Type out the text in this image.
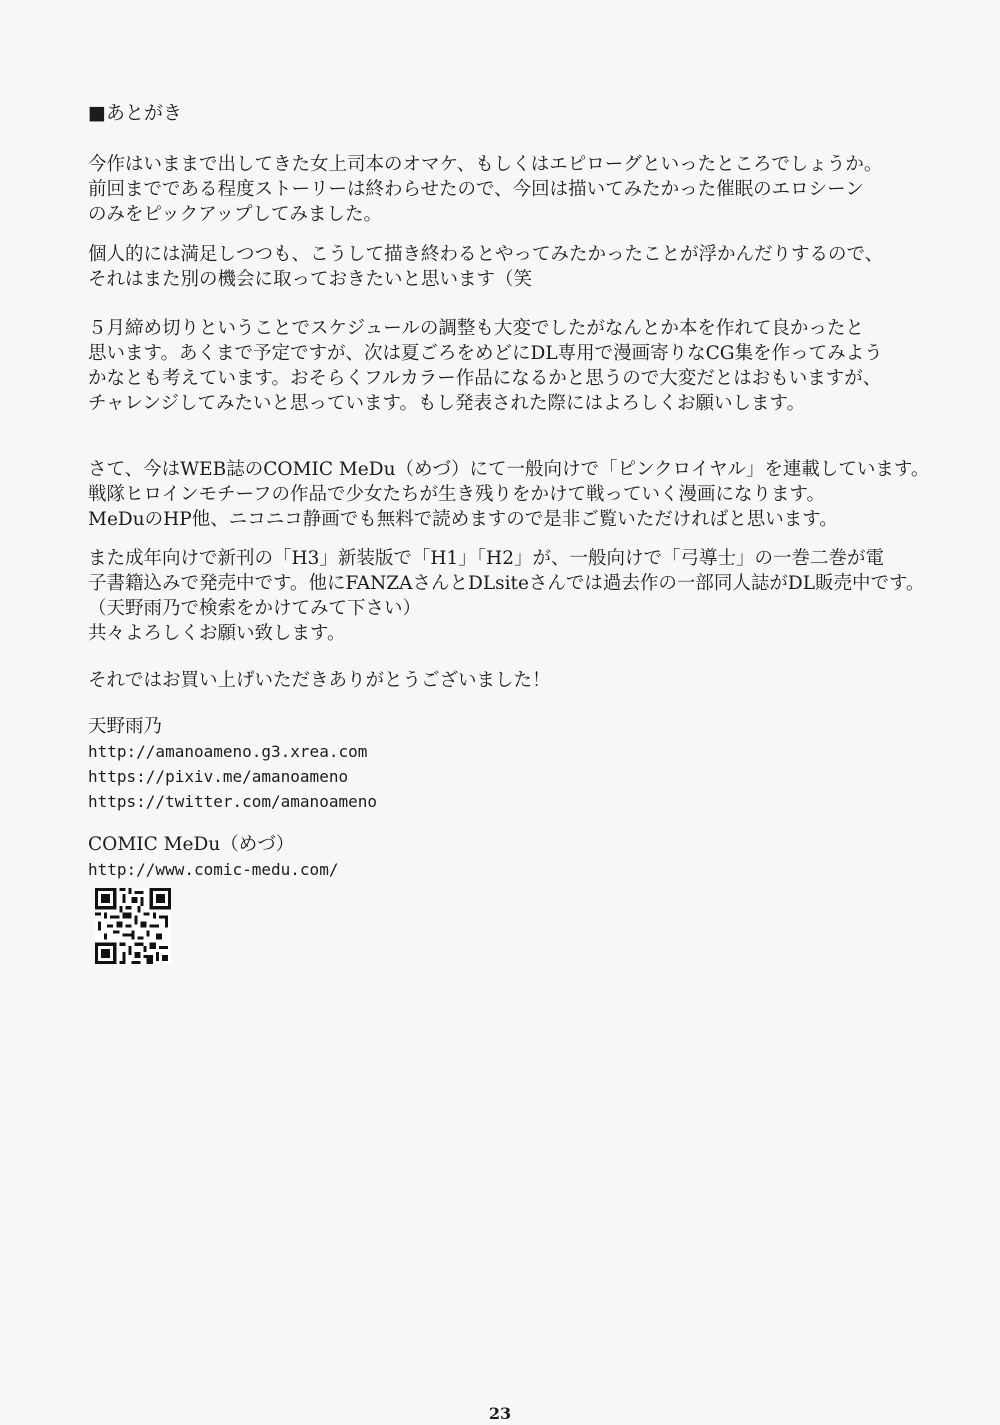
■あとがき
今作はいままで出してきた女上司本のオマケ、もしくはエピローグといったところでしょうか。
前回までである程度ストーリーは終わらせたので、今回は描いてみたかった催眠のエロシーン
のみをピックアップしてみました。
個人的には満足しつつも、こうして描き終わるとやってみたかったことが浮かんだりするので、
それはまた別の機会に取っておきたいと思います（笑
５月締め切りということでスケジュールの調整も大変でしたがなんとか本を作れて良かったと
思います。あくまで予定ですが、次は夏ごろをめどにDL専用で漫画寄りなCG集を作ってみよう
かなとも考えています。おそらくフルカラー作品になるかと思うので大変だとはおもいますが、
チャレンジしてみたいと思っています。もし発表された際にはよろしくお願いします。
さて、今はWEB誌のCOMIC MeDu（めづ）にて一般向けで「ピンクロイヤル」を連載しています。
戦隊ヒロインモチーフの作品で少女たちが生き残りをかけて戦っていく漫画になります。
MeDuのHP他、ニコニコ静画でも無料で読めますので是非ご覧いただければと思います。
また成年向けで新刊の「H3」新装版で「H1」「H2」が、一般向けで「弓導士」の一巻二巻が電
子書籍込みで発売中です。他にFANZAさんとDLsiteさんでは過去作の一部同人誌がDL販売中です。
（天野雨乃で検索をかけてみて下さい）
共々よろしくお願い致します。
それではお買い上げいただきありがとうございました！
天野雨乃
http://amanoameno.g3.xrea.com
https://pixiv.me/amanoameno
https://twitter.com/amanoameno
COMIC MeDu（めづ）
http://www.comic-medu.com/
23
